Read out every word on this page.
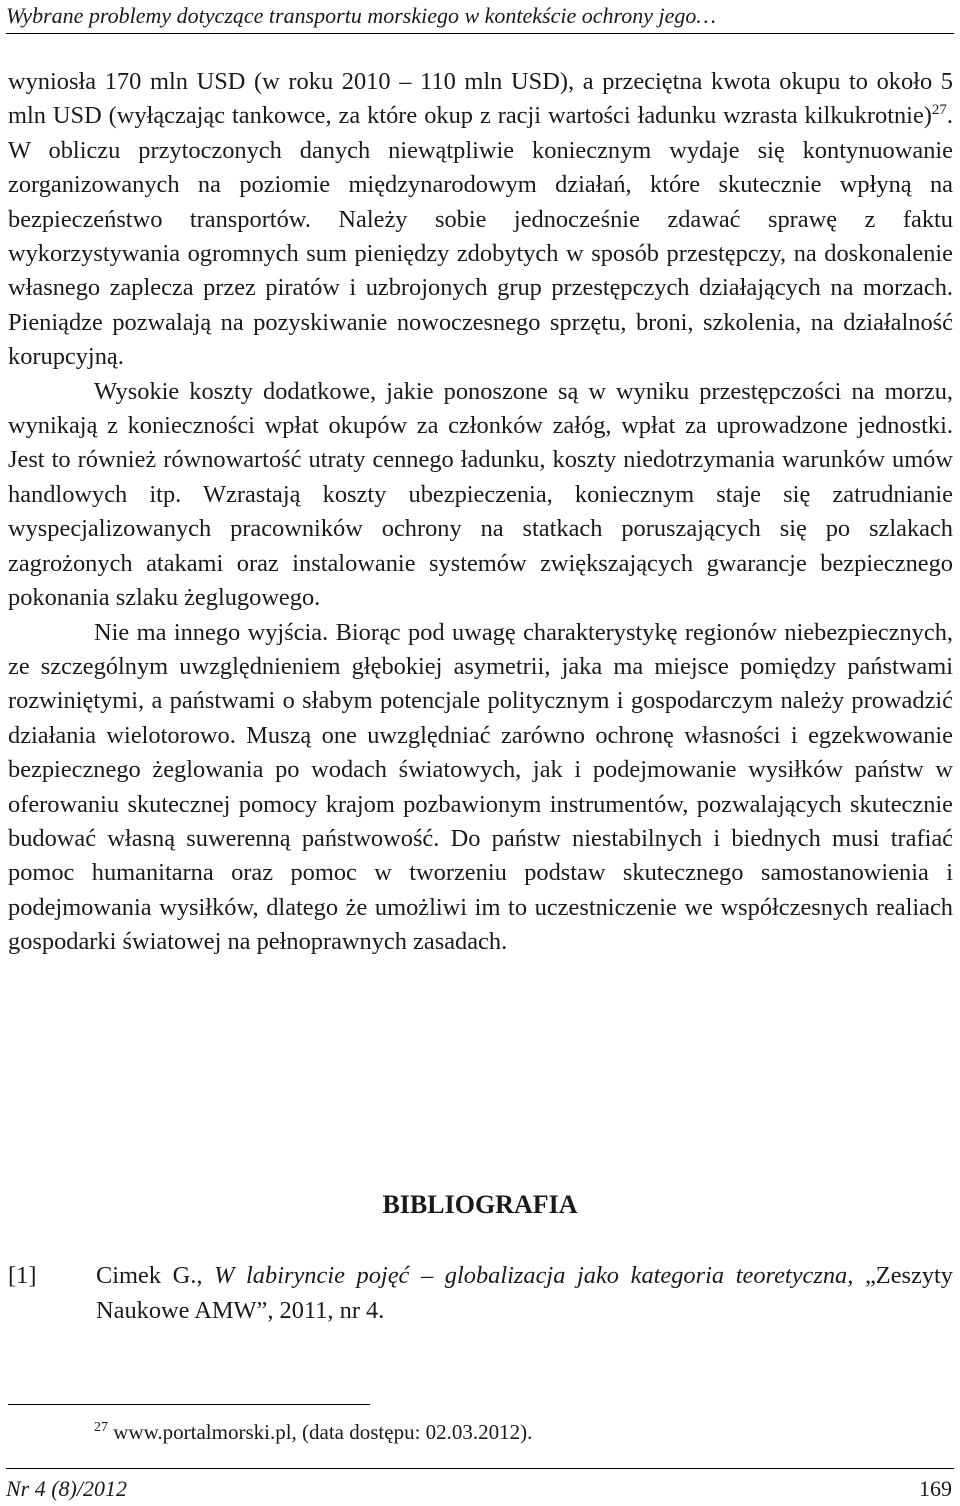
Wybrane problemy dotyczące transportu morskiego w kontekście ochrony jego…

wyniosła 170 mln USD (w roku 2010 – 110 mln USD), a przeciętna kwota okupu to około 5 mln USD (wyłączając tankowce, za które okup z racji wartości ładunku wzrasta kilkukrotnie)$^{27}$. W obliczu przytoczonych danych niewątpliwie koniecznym wydaje się kontynuowanie zorganizowanych na poziomie międzynarodowym działań, które skutecznie wpłyną na bezpieczeństwo transportów. Należy sobie jednocześnie zdawać sprawę z faktu wykorzystywania ogromnych sum pieniędzy zdobytych w sposób przestępczy, na doskonalenie własnego zaplecza przez piratów i uzbrojonych grup przestępczych działających na morzach. Pieniądze pozwalają na pozyskiwanie nowoczesnego sprzętu, broni, szkolenia, na działalność korupcyjną.

Wysokie koszty dodatkowe, jakie ponoszone są w wyniku przestępczości na morzu, wynikają z konieczności wpłat okupów za członków załóg, wpłat za uprowadzone jednostki. Jest to również równowartość utraty cennego ładunku, koszty niedotrzymania warunków umów handlowych itp. Wzrastają koszty ubezpieczenia, koniecznym staje się zatrudnianie wyspecjalizowanych pracowników ochrony na statkach poruszających się po szlakach zagrożonych atakami oraz instalowanie systemów zwiększających gwarancje bezpiecznego pokonania szlaku żeglugowego.

Nie ma innego wyjścia. Biorąc pod uwagę charakterystykę regionów niebezpiecznych, ze szczególnym uwzględnieniem głębokiej asymetrii, jaka ma miejsce pomiędzy państwami rozwiniętymi, a państwami o słabym potencjale politycznym i gospodarczym należy prowadzić działania wielotorowo. Muszą one uwzględniać zarówno ochronę własności i egzekwowanie bezpiecznego żeglowania po wodach światowych, jak i podejmowanie wysiłków państw w oferowaniu skutecznej pomocy krajom pozbawionym instrumentów, pozwalających skutecznie budować własną suwerenną państwowość. Do państw niestabilnych i biednych musi trafiać pomoc humanitarna oraz pomoc w tworzeniu podstaw skutecznego samostanowienia i podejmowania wysiłków, dlatego że umożliwi im to uczestniczenie we współczesnych realiach gospodarki światowej na pełnoprawnych zasadach.

BIBLIOGRAFIA
[1] Cimek G., W labiryncie pojęć – globalizacja jako kategoria teoretyczna, „Zeszyty Naukowe AMW”, 2011, nr 4.
$^{27}$ www.portalmorski.pl, (data dostępu: 02.03.2012).
Nr 4 (8)/2012	169
